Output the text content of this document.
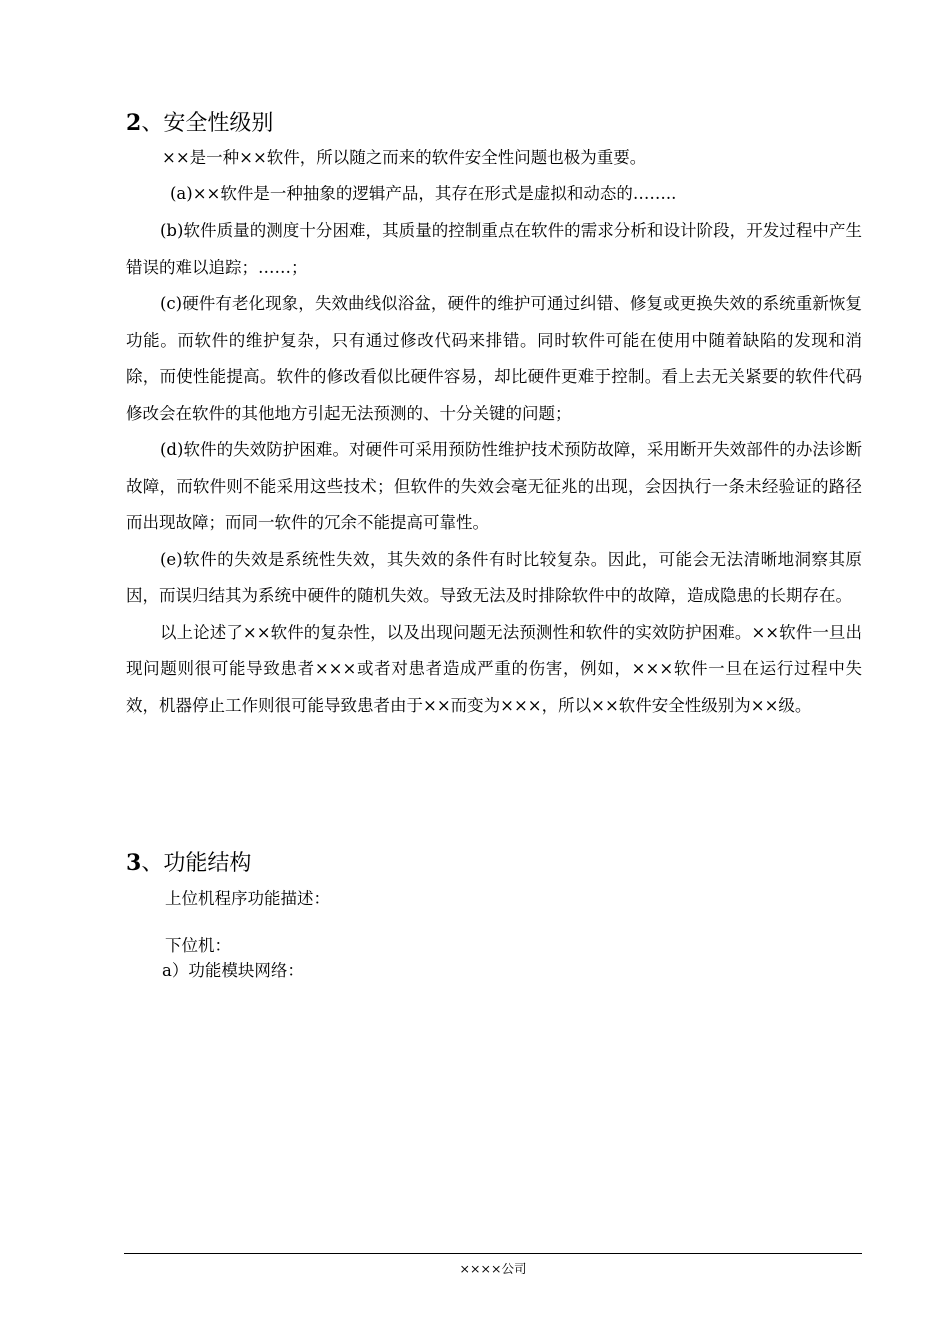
2、安全性级别
××是一种××软件，所以随之而来的软件安全性问题也极为重要。
(a)××软件是一种抽象的逻辑产品，其存在形式是虚拟和动态的……..

(b)软件质量的测度十分困难，其质量的控制重点在软件的需求分析和设计阶段，开发过程中产生错误的难以追踪；……；

(c)硬件有老化现象，失效曲线似浴盆，硬件的维护可通过纠错、修复或更换失效的系统重新恢复功能。而软件的维护复杂，只有通过修改代码来排错。同时软件可能在使用中随着缺陷的发现和消除，而使性能提高。软件的修改看似比硬件容易，却比硬件更难于控制。看上去无关紧要的软件代码修改会在软件的其他地方引起无法预测的、十分关键的问题；

(d)软件的失效防护困难。对硬件可采用预防性维护技术预防故障，采用断开失效部件的办法诊断故障，而软件则不能采用这些技术；但软件的失效会毫无征兆的出现，会因执行一条未经验证的路径而出现故障；而同一软件的冗余不能提高可靠性。

(e)软件的失效是系统性失效，其失效的条件有时比较复杂。因此，可能会无法清晰地洞察其原因，而误归结其为系统中硬件的随机失效。导致无法及时排除软件中的故障，造成隐患的长期存在。

以上论述了××软件的复杂性，以及出现问题无法预测性和软件的实效防护困难。××软件一旦出现问题则很可能导致患者×××或者对患者造成严重的伤害，例如，×××软件一旦在运行过程中失效，机器停止工作则很可能导致患者由于××而变为×××，所以××软件安全性级别为××级。

3、功能结构
上位机程序功能描述：
下位机：
a）功能模块网络：
××××公司
